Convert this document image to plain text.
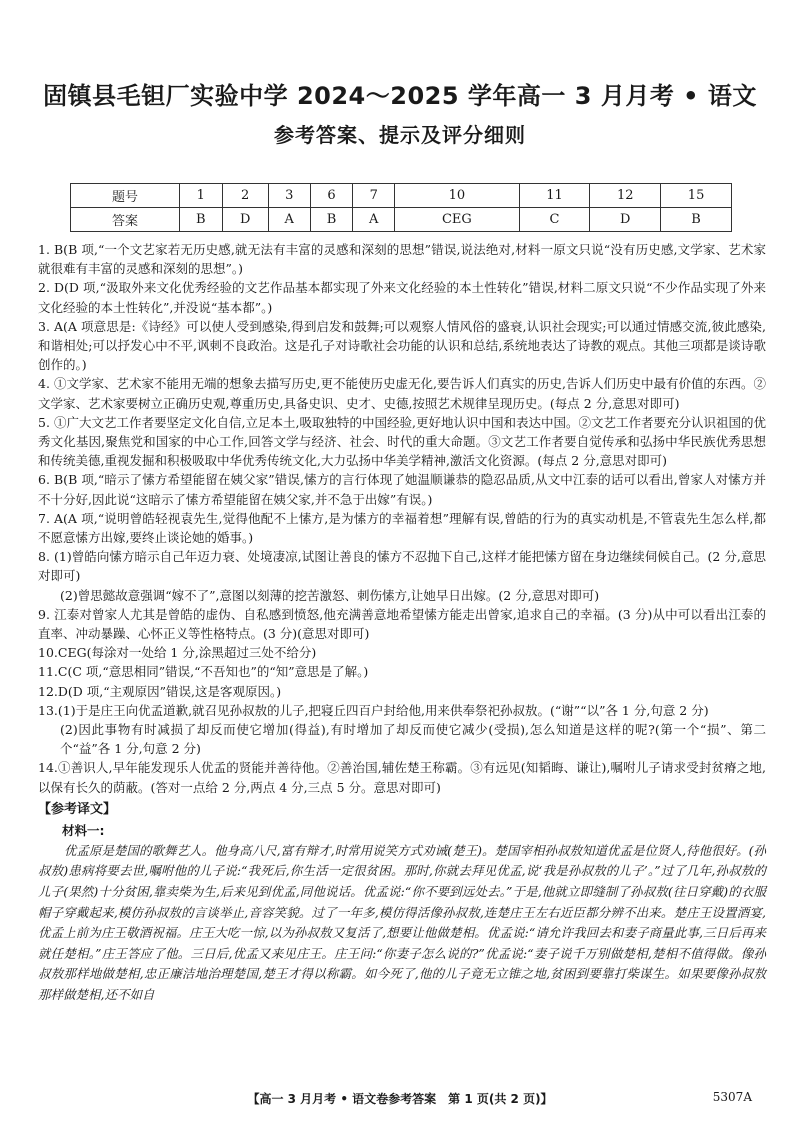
固镇县毛钽厂实验中学 2024～2025 学年高一 3 月月考 • 语文
参考答案、提示及评分细则
题号	1	2	3	6	7	10	11	12	15
答案	B	D	A	B	A	CEG	C	D	B

1. B(B 项,“一个文艺家若无历史感,就无法有丰富的灵感和深刻的思想”错误,说法绝对,材料一原文只说“没有历史感,文学家、艺术家就很难有丰富的灵感和深刻的思想”。)

2. D(D 项,“汲取外来文化优秀经验的文艺作品基本都实现了外来文化经验的本土性转化”错误,材料二原文只说“不少作品实现了外来文化经验的本土性转化”,并没说“基本都”。)

3. A(A 项意思是:《诗经》可以使人受到感染,得到启发和鼓舞;可以观察人情风俗的盛衰,认识社会现实;可以通过情感交流,彼此感染,和谐相处;可以抒发心中不平,讽刺不良政治。这是孔子对诗歌社会功能的认识和总结,系统地表达了诗教的观点。其他三项都是谈诗歌创作的。)

4. ①文学家、艺术家不能用无端的想象去描写历史,更不能使历史虚无化,要告诉人们真实的历史,告诉人们历史中最有价值的东西。②文学家、艺术家要树立正确历史观,尊重历史,具备史识、史才、史德,按照艺术规律呈现历史。(每点 2 分,意思对即可)

5. ①广大文艺工作者要坚定文化自信,立足本土,吸取独特的中国经验,更好地认识中国和表达中国。②文艺工作者要充分认识祖国的优秀文化基因,聚焦党和国家的中心工作,回答文学与经济、社会、时代的重大命题。③文艺工作者要自觉传承和弘扬中华民族优秀思想和传统美德,重视发掘和积极吸取中华优秀传统文化,大力弘扬中华美学精神,激活文化资源。(每点 2 分,意思对即可)

6. B(B 项,“暗示了愫方希望能留在姨父家”错误,愫方的言行体现了她温顺谦恭的隐忍品质,从文中江泰的话可以看出,曾家人对愫方并不十分好,因此说“这暗示了愫方希望能留在姨父家,并不急于出嫁”有误。)

7. A(A 项,“说明曾皓轻视袁先生,觉得他配不上愫方,是为愫方的幸福着想”理解有误,曾皓的行为的真实动机是,不管袁先生怎么样,都不愿意愫方出嫁,要终止谈论她的婚事。)

8. (1)曾皓向愫方暗示自己年迈力衰、处境凄凉,试图让善良的愫方不忍抛下自己,这样才能把愫方留在身边继续伺候自己。(2 分,意思对即可)

(2)曾思懿故意强调“嫁不了”,意图以刻薄的挖苦激怒、刺伤愫方,让她早日出嫁。(2 分,意思对即可)

9. 江泰对曾家人尤其是曾皓的虚伪、自私感到愤怒,他充满善意地希望愫方能走出曾家,追求自己的幸福。(3 分)从中可以看出江泰的直率、冲动暴躁、心怀正义等性格特点。(3 分)(意思对即可)

10.CEG(每涂对一处给 1 分,涂黑超过三处不给分)

11.C(C 项,“意思相同”错误,“不吾知也”的“知”意思是了解。)

12.D(D 项,“主观原因”错误,这是客观原因。)

13.(1)于是庄王向优孟道歉,就召见孙叔敖的儿子,把寝丘四百户封给他,用来供奉祭祀孙叔敖。(“谢”“以”各 1 分,句意 2 分)

(2)因此事物有时减损了却反而使它增加(得益),有时增加了却反而使它减少(受损),怎么知道是这样的呢?(第一个“损”、第二个“益”各 1 分,句意 2 分)

14.①善识人,早年能发现乐人优孟的贤能并善待他。②善治国,辅佐楚王称霸。③有远见(知韬晦、谦让),嘱咐儿子请求受封贫瘠之地,以保有长久的荫蔽。(答对一点给 2 分,两点 4 分,三点 5 分。意思对即可)

【参考译文】
材料一:

优孟原是楚国的歌舞艺人。他身高八尺,富有辩才,时常用说笑方式劝诫(楚王)。楚国宰相孙叔敖知道优孟是位贤人,待他很好。(孙叔敖)患病将要去世,嘱咐他的儿子说:“我死后,你生活一定很贫困。那时,你就去拜见优孟,说‘我是孙叔敖的儿子’。”过了几年,孙叔敖的儿子(果然)十分贫困,靠卖柴为生,后来见到优孟,同他说话。优孟说:“你不要到远处去。”于是,他就立即缝制了孙叔敖(往日穿戴)的衣服帽子穿戴起来,模仿孙叔敖的言谈举止,音容笑貌。过了一年多,模仿得活像孙叔敖,连楚庄王左右近臣都分辨不出来。楚庄王设置酒宴,优孟上前为庄王敬酒祝福。庄王大吃一惊,以为孙叔敖又复活了,想要让他做楚相。优孟说:“请允许我回去和妻子商量此事,三日后再来就任楚相。”庄王答应了他。三日后,优孟又来见庄王。庄王问:“你妻子怎么说的?”优孟说:“妻子说千万别做楚相,楚相不值得做。像孙叔敖那样地做楚相,忠正廉洁地治理楚国,楚王才得以称霸。如今死了,他的儿子竟无立锥之地,贫困到要靠打柴谋生。如果要像孙叔敖那样做楚相,还不如自

【高一 3 月月考 • 语文卷参考答案　第 1 页(共 2 页)】	5307A
